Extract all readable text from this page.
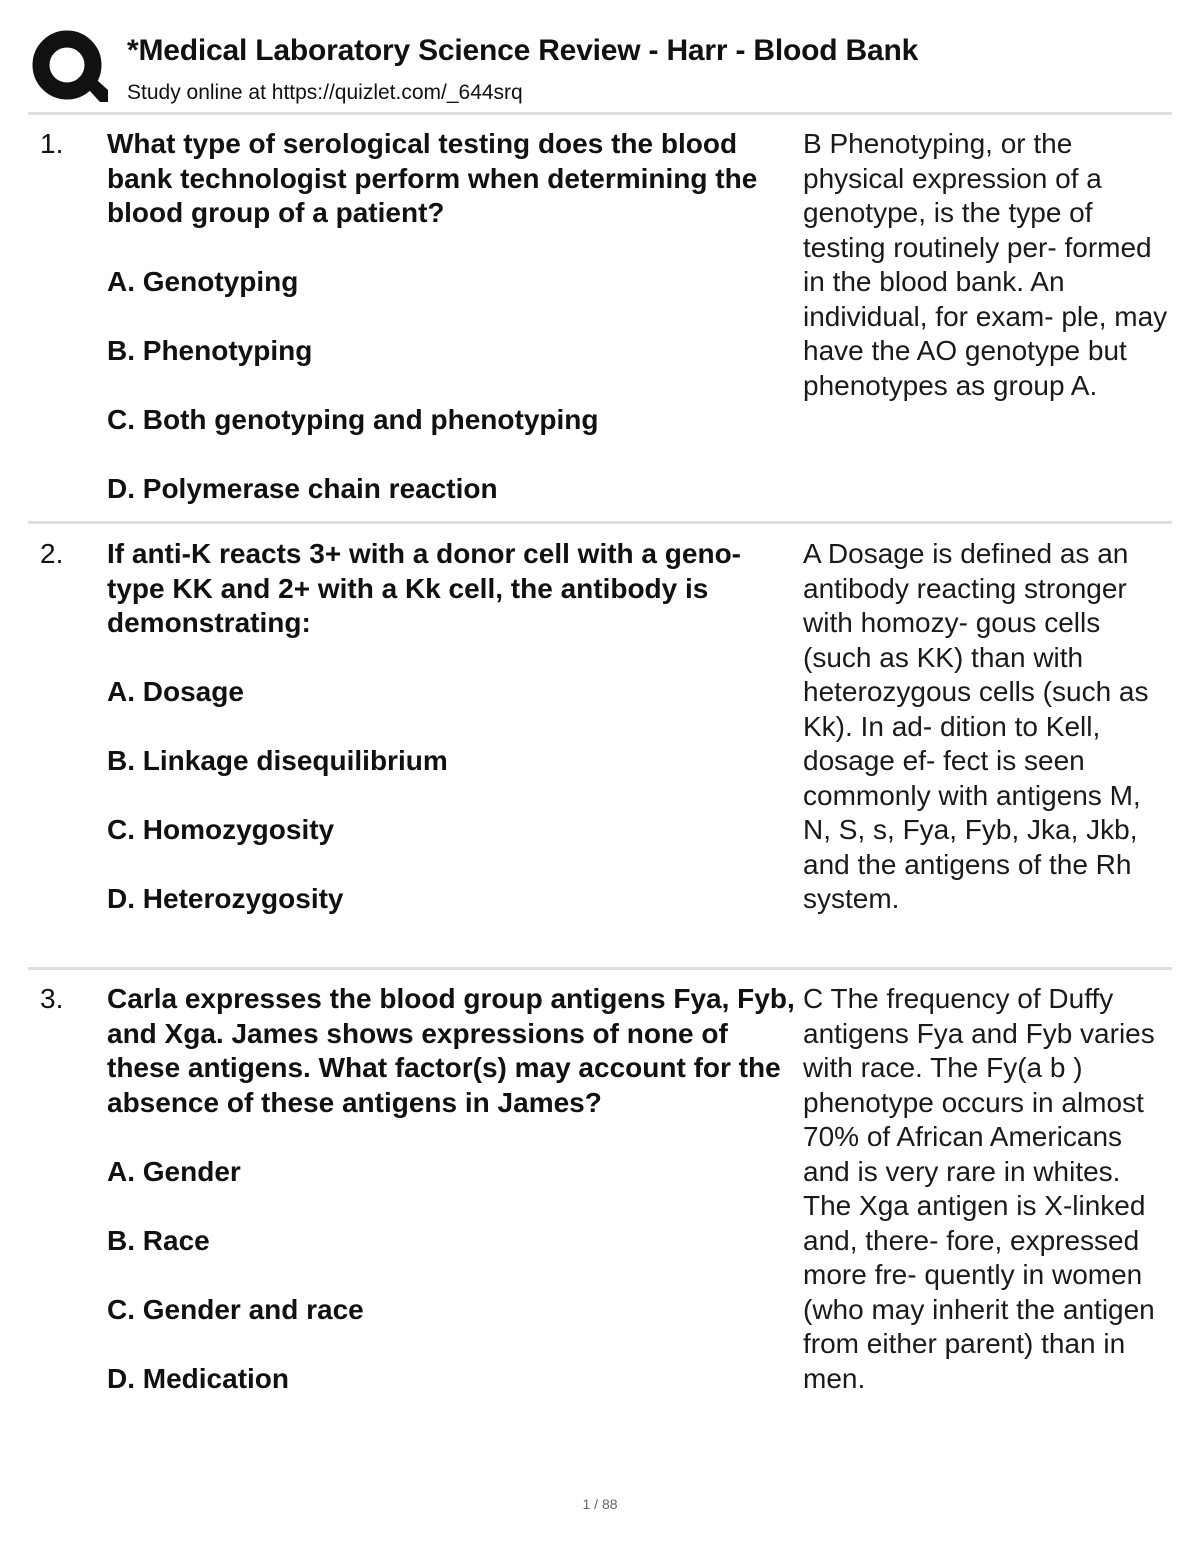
*Medical Laboratory Science Review - Harr - Blood Bank
Study online at https://quizlet.com/_644srq
1. What type of serological testing does the blood bank technologist perform when determining the blood group of a patient?

A. Genotyping

B. Phenotyping

C. Both genotyping and phenotyping

D. Polymerase chain reaction

B Phenotyping, or the physical expression of a genotype, is the type of testing routinely per- formed in the blood bank. An individual, for exam- ple, may have the AO genotype but phenotypes as group A.
2. If anti-K reacts 3+ with a donor cell with a geno- type KK and 2+ with a Kk cell, the antibody is demonstrating:

A. Dosage

B. Linkage disequilibrium

C. Homozygosity

D. Heterozygosity

A Dosage is defined as an antibody reacting stronger with homozy- gous cells (such as KK) than with heterozygous cells (such as Kk). In ad- dition to Kell, dosage ef- fect is seen commonly with antigens M, N, S, s, Fya, Fyb, Jka, Jkb, and the antigens of the Rh system.
3. Carla expresses the blood group antigens Fya, Fyb, and Xga. James shows expressions of none of these antigens. What factor(s) may account for the absence of these antigens in James?

A. Gender

B. Race

C. Gender and race

D. Medication

C The frequency of Duffy antigens Fya and Fyb varies with race. The Fy(a b ) phenotype occurs in almost 70% of African Americans and is very rare in whites. The Xga antigen is X-linked and, there- fore, expressed more fre- quently in women (who may inherit the antigen from either parent) than in men.
1 / 88
